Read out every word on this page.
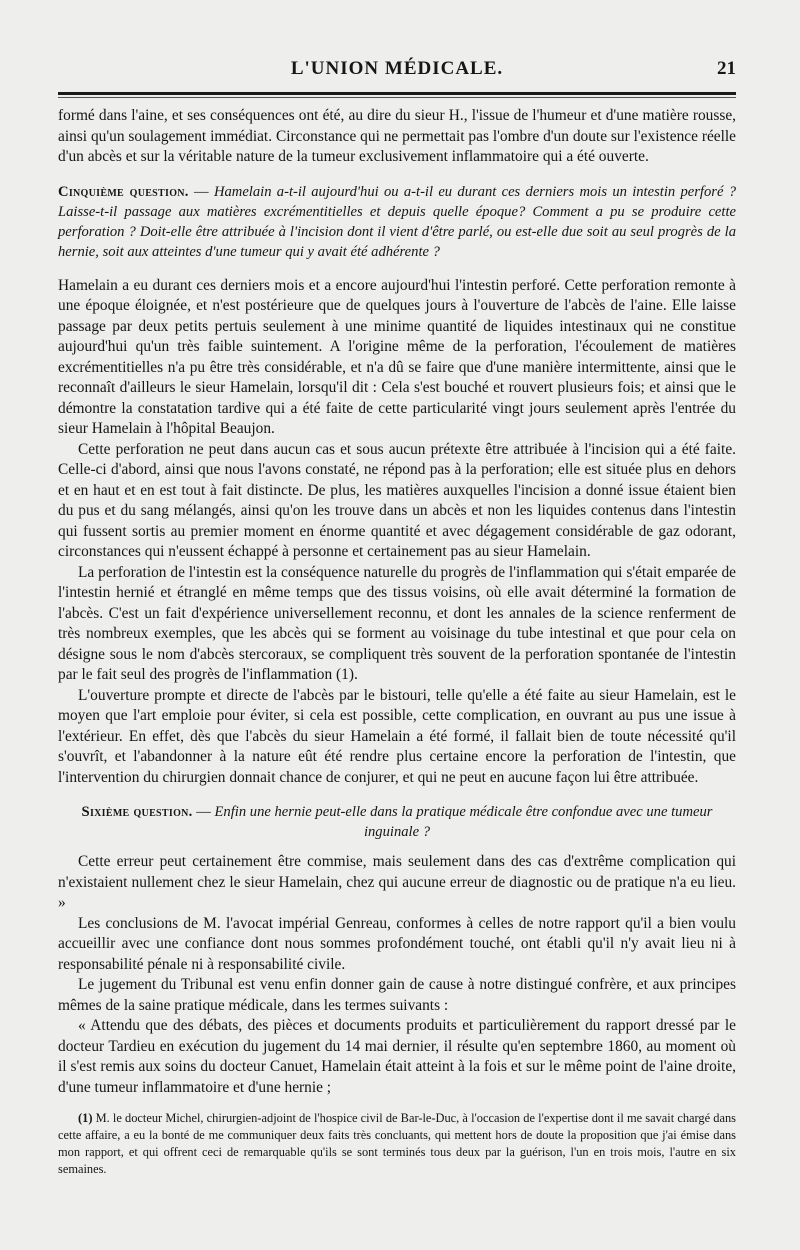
L'UNION MÉDICALE.	21

formé dans l'aine, et ses conséquences ont été, au dire du sieur H., l'issue de l'humeur et d'une matière rousse, ainsi qu'un soulagement immédiat. Circonstance qui ne permettait pas l'ombre d'un doute sur l'existence réelle d'un abcès et sur la véritable nature de la tumeur exclusivement inflammatoire qui a été ouverte.

Cinquième question. — Hamelain a-t-il aujourd'hui ou a-t-il eu durant ces derniers mois un intestin perforé ? Laisse-t-il passage aux matières excrémentitielles et depuis quelle époque? Comment a pu se produire cette perforation ? Doit-elle être attribuée à l'incision dont il vient d'être parlé, ou est-elle due soit au seul progrès de la hernie, soit aux atteintes d'une tumeur qui y avait été adhérente ?

Hamelain a eu durant ces derniers mois et a encore aujourd'hui l'intestin perforé. Cette perforation remonte à une époque éloignée, et n'est postérieure que de quelques jours à l'ouverture de l'abcès de l'aine. Elle laisse passage par deux petits pertuis seulement à une minime quantité de liquides intestinaux qui ne constitue aujourd'hui qu'un très faible suintement. A l'origine même de la perforation, l'écoulement de matières excrémentitielles n'a pu être très considérable, et n'a dû se faire que d'une manière intermittente, ainsi que le reconnaît d'ailleurs le sieur Hamelain, lorsqu'il dit : Cela s'est bouché et rouvert plusieurs fois; et ainsi que le démontre la constatation tardive qui a été faite de cette particularité vingt jours seulement après l'entrée du sieur Hamelain à l'hôpital Beaujon.

Cette perforation ne peut dans aucun cas et sous aucun prétexte être attribuée à l'incision qui a été faite. Celle-ci d'abord, ainsi que nous l'avons constaté, ne répond pas à la perforation; elle est située plus en dehors et en haut et en est tout à fait distincte. De plus, les matières auxquelles l'incision a donné issue étaient bien du pus et du sang mélangés, ainsi qu'on les trouve dans un abcès et non les liquides contenus dans l'intestin qui fussent sortis au premier moment en énorme quantité et avec dégagement considérable de gaz odorant, circonstances qui n'eussent échappé à personne et certainement pas au sieur Hamelain.

La perforation de l'intestin est la conséquence naturelle du progrès de l'inflammation qui s'était emparée de l'intestin hernié et étranglé en même temps que des tissus voisins, où elle avait déterminé la formation de l'abcès. C'est un fait d'expérience universellement reconnu, et dont les annales de la science renferment de très nombreux exemples, que les abcès qui se forment au voisinage du tube intestinal et que pour cela on désigne sous le nom d'abcès stercoraux, se compliquent très souvent de la perforation spontanée de l'intestin par le fait seul des progrès de l'inflammation (1).

L'ouverture prompte et directe de l'abcès par le bistouri, telle qu'elle a été faite au sieur Hamelain, est le moyen que l'art emploie pour éviter, si cela est possible, cette complication, en ouvrant au pus une issue à l'extérieur. En effet, dès que l'abcès du sieur Hamelain a été formé, il fallait bien de toute nécessité qu'il s'ouvrît, et l'abandonner à la nature eût été rendre plus certaine encore la perforation de l'intestin, que l'intervention du chirurgien donnait chance de conjurer, et qui ne peut en aucune façon lui être attribuée.

Sixième question. — Enfin une hernie peut-elle dans la pratique médicale être confondue avec une tumeur inguinale ?

Cette erreur peut certainement être commise, mais seulement dans des cas d'extrême complication qui n'existaient nullement chez le sieur Hamelain, chez qui aucune erreur de diagnostic ou de pratique n'a eu lieu. »

Les conclusions de M. l'avocat impérial Genreau, conformes à celles de notre rapport qu'il a bien voulu accueillir avec une confiance dont nous sommes profondément touché, ont établi qu'il n'y avait lieu ni à responsabilité pénale ni à responsabilité civile.

Le jugement du Tribunal est venu enfin donner gain de cause à notre distingué confrère, et aux principes mêmes de la saine pratique médicale, dans les termes suivants :

« Attendu que des débats, des pièces et documents produits et particulièrement du rapport dressé par le docteur Tardieu en exécution du jugement du 14 mai dernier, il résulte qu'en septembre 1860, au moment où il s'est remis aux soins du docteur Canuet, Hamelain était atteint à la fois et sur le même point de l'aine droite, d'une tumeur inflammatoire et d'une hernie ;

(1) M. le docteur Michel, chirurgien-adjoint de l'hospice civil de Bar-le-Duc, à l'occasion de l'expertise dont il me savait chargé dans cette affaire, a eu la bonté de me communiquer deux faits très concluants, qui mettent hors de doute la proposition que j'ai émise dans mon rapport, et qui offrent ceci de remarquable qu'ils se sont terminés tous deux par la guérison, l'un en trois mois, l'autre en six semaines.
